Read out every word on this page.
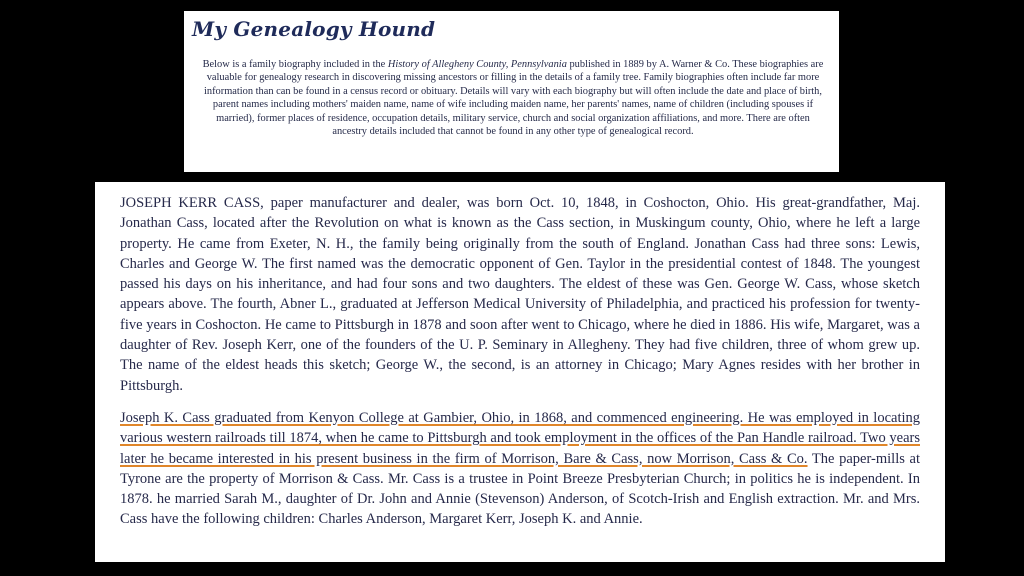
My Genealogy Hound

Below is a family biography included in the History of Allegheny County, Pennsylvania published in 1889 by A. Warner & Co. These biographies are valuable for genealogy research in discovering missing ancestors or filling in the details of a family tree. Family biographies often include far more information than can be found in a census record or obituary. Details will vary with each biography but will often include the date and place of birth, parent names including mothers' maiden name, name of wife including maiden name, her parents' names, name of children (including spouses if married), former places of residence, occupation details, military service, church and social organization affiliations, and more. There are often ancestry details included that cannot be found in any other type of genealogical record.

JOSEPH KERR CASS, paper manufacturer and dealer, was born Oct. 10, 1848, in Coshocton, Ohio. His great-grandfather, Maj. Jonathan Cass, located after the Revolution on what is known as the Cass section, in Muskingum county, Ohio, where he left a large property. He came from Exeter, N. H., the family being originally from the south of England. Jonathan Cass had three sons: Lewis, Charles and George W. The first named was the democratic opponent of Gen. Taylor in the presidential contest of 1848. The youngest passed his days on his inheritance, and had four sons and two daughters. The eldest of these was Gen. George W. Cass, whose sketch appears above. The fourth, Abner L., graduated at Jefferson Medical University of Philadelphia, and practiced his profession for twenty-five years in Coshocton. He came to Pittsburgh in 1878 and soon after went to Chicago, where he died in 1886. His wife, Margaret, was a daughter of Rev. Joseph Kerr, one of the founders of the U. P. Seminary in Allegheny. They had five children, three of whom grew up. The name of the eldest heads this sketch; George W., the second, is an attorney in Chicago; Mary Agnes resides with her brother in Pittsburgh.

Joseph K. Cass graduated from Kenyon College at Gambier, Ohio, in 1868, and commenced engineering. He was employed in locating various western railroads till 1874, when he came to Pittsburgh and took employment in the offices of the Pan Handle railroad. Two years later he became interested in his present business in the firm of Morrison, Bare & Cass, now Morrison, Cass & Co. The paper-mills at Tyrone are the property of Morrison & Cass. Mr. Cass is a trustee in Point Breeze Presbyterian Church; in politics he is independent. In 1878. he married Sarah M., daughter of Dr. John and Annie (Stevenson) Anderson, of Scotch-Irish and English extraction. Mr. and Mrs. Cass have the following children: Charles Anderson, Margaret Kerr, Joseph K. and Annie.
